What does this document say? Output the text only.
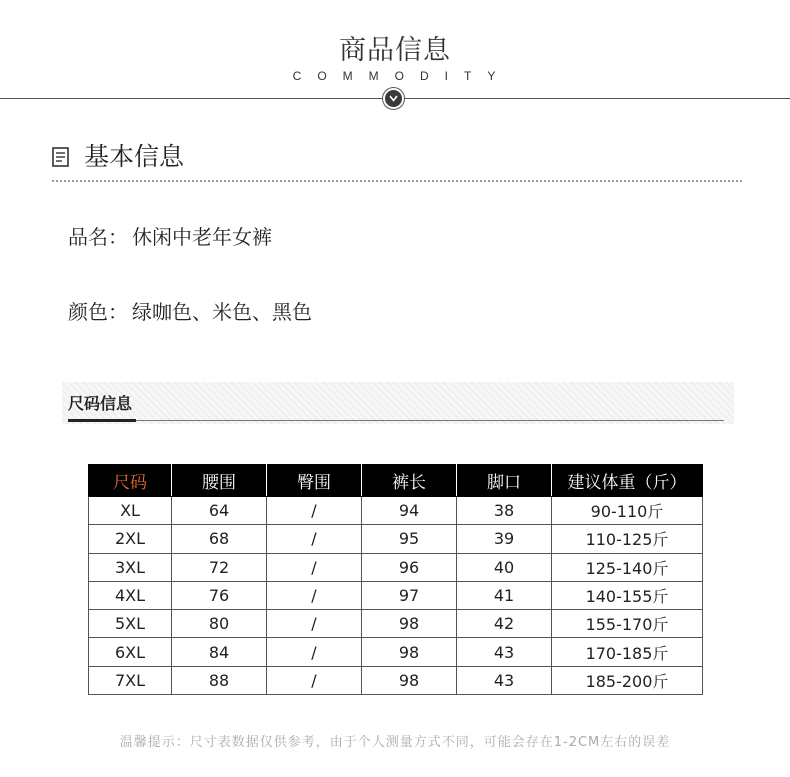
商品信息
COMMODITY
基本信息
品名： 休闲中老年女裤
颜色： 绿咖色、米色、黑色
尺码信息
尺码	腰围	臀围	裤长	脚口	建议体重（斤）
XL	64	/	94	38	90-110斤
2XL	68	/	95	39	110-125斤
3XL	72	/	96	40	125-140斤
4XL	76	/	97	41	140-155斤
5XL	80	/	98	42	155-170斤
6XL	84	/	98	43	170-185斤
7XL	88	/	98	43	185-200斤
温馨提示：尺寸表数据仅供参考，由于个人测量方式不同，可能会存在1-2CM左右的误差
